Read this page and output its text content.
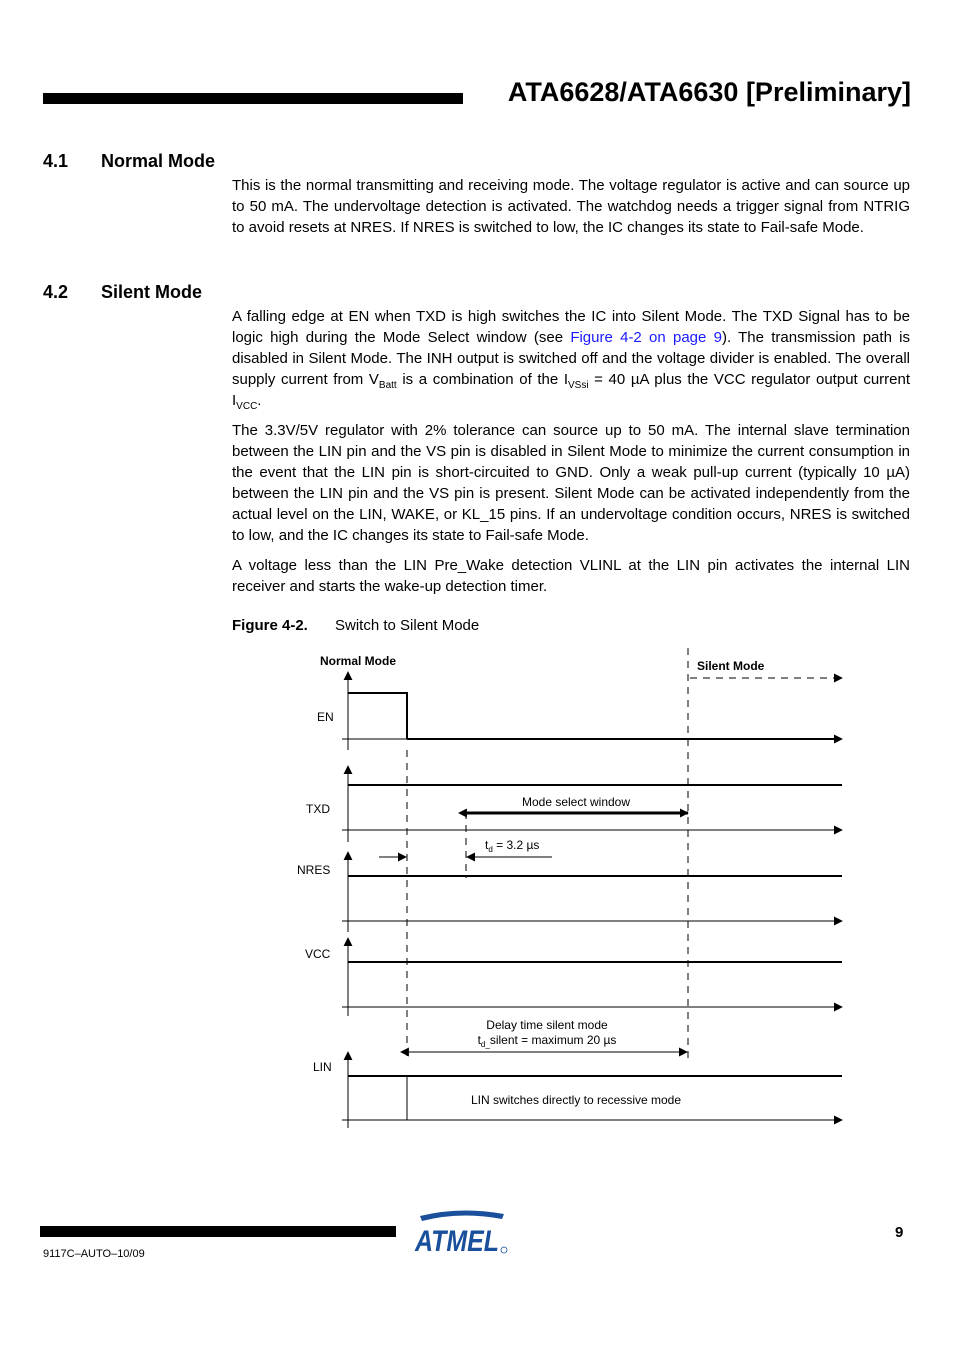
ATA6628/ATA6630 [Preliminary]
4.1 Normal Mode
This is the normal transmitting and receiving mode. The voltage regulator is active and can source up to 50 mA. The undervoltage detection is activated. The watchdog needs a trigger signal from NTRIG to avoid resets at NRES. If NRES is switched to low, the IC changes its state to Fail-safe Mode.
4.2 Silent Mode
A falling edge at EN when TXD is high switches the IC into Silent Mode. The TXD Signal has to be logic high during the Mode Select window (see Figure 4-2 on page 9). The transmission path is disabled in Silent Mode. The INH output is switched off and the voltage divider is enabled. The overall supply current from $V_{Batt}$ is a combination of the $I_{VSsi} = 40$ µA plus the VCC regulator output current $I_{VCC}$.
The 3.3V/5V regulator with 2% tolerance can source up to 50 mA. The internal slave termination between the LIN pin and the VS pin is disabled in Silent Mode to minimize the current consumption in the event that the LIN pin is short-circuited to GND. Only a weak pull-up current (typically 10 µA) between the LIN pin and the VS pin is present. Silent Mode can be activated independently from the actual level on the LIN, WAKE, or KL_15 pins. If an undervoltage condition occurs, NRES is switched to low, and the IC changes its state to Fail-safe Mode.
A voltage less than the LIN Pre_Wake detection VLINL at the LIN pin activates the internal LIN receiver and starts the wake-up detection timer.
Figure 4-2. Switch to Silent Mode
Normal Mode	Silent Mode
EN
TXD	Mode select window
$t_d = 3.2$ µs
NRES
VCC
Delay time silent mode
$t_{d\_}silent$ = maximum 20 µs
LIN
LIN switches directly to recessive mode
9117C–AUTO–10/09
9
ATMEL
